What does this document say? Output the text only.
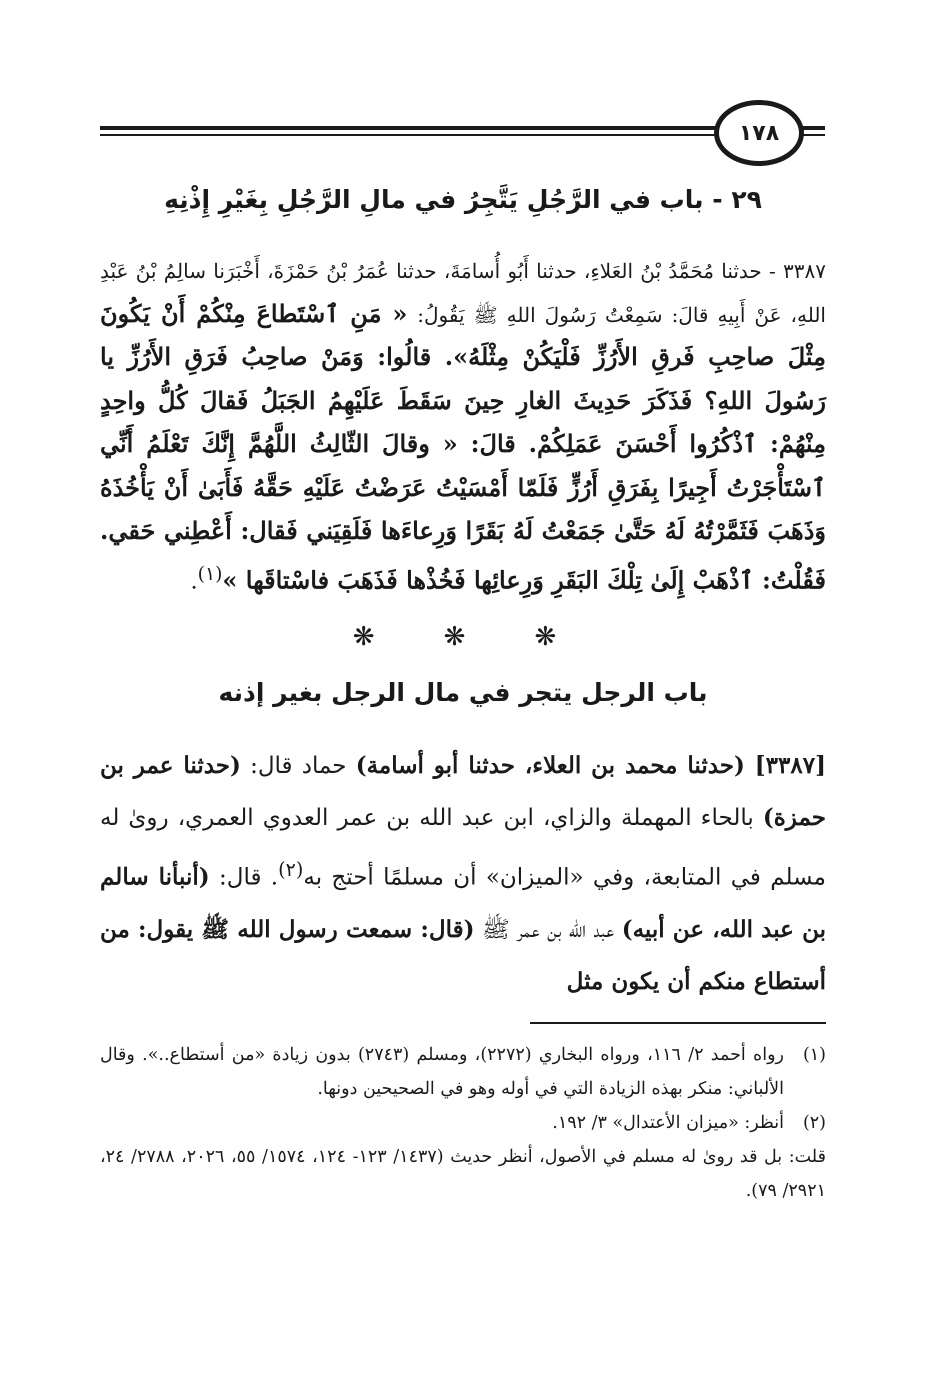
١٧٨
٢٩ - باب في الرَّجُلِ يَتَّجِرُ في مالِ الرَّجُلِ بِغَيْرِ إِذْنِهِ
٣٣٨٧ - حدثنا مُحَمَّدُ بْنُ العَلاءِ، حدثنا أَبُو أُسامَةَ، حدثنا عُمَرُ بْنُ حَمْزَةَ، أَخْبَرَنا سالِمُ بْنُ عَبْدِ اللهِ، عَنْ أَبِيهِ قالَ: سَمِعْتُ رَسُولَ اللهِ ﷺ يَقُولُ: « مَنِ ٱسْتَطاعَ مِنْكُمْ أَنْ يَكُونَ مِثْلَ صاحِبِ فَرقِ الأَرُزِّ فَلْيَكُنْ مِثْلَهُ». قالُوا: وَمَنْ صاحِبُ فَرَقِ الأَرُزِّ يا رَسُولَ اللهِ؟ فَذَكَرَ حَدِيثَ الغارِ حِينَ سَقَطَ عَلَيْهِمُ الجَبَلُ فَقالَ كُلُّ واحِدٍ مِنْهُمْ: ٱذْكُرُوا أَحْسَنَ عَمَلِكُمْ. قالَ: « وقالَ الثّالِثُ اللَّهُمَّ إِنَّكَ تَعْلَمُ أَنِّي ٱسْتَأْجَرْتُ أَجِيرًا بِفَرَقِ أَرُزٍّ فَلَمّا أَمْسَيْتُ عَرَضْتُ عَلَيْهِ حَقَّهُ فَأَبَىٰ أَنْ يَأْخُذَهُ وَذَهَبَ فَثَمَّرْتُهُ لَهُ حَتَّىٰ جَمَعْتُ لَهُ بَقَرًا وَرِعاءَها فَلَقِيَني فَقال: أَعْطِني حَقي. فَقُلْتُ: ٱذْهَبْ إِلَىٰ تِلْكَ البَقَرِ وَرِعائِها فَخُذْها فَذَهَبَ فاسْتاقَها »$^{(١)}$.
❋ ❋ ❋
باب الرجل يتجر في مال الرجل بغير إذنه
[٣٣٨٧] (حدثنا محمد بن العلاء، حدثنا أبو أسامة) حماد قال: (حدثنا عمر بن حمزة) بالحاء المهملة والزاي، ابن عبد الله بن عمر العدوي العمري، روىٰ له مسلم في المتابعة، وفي «الميزان» أن مسلمًا أحتج به$^{(٢)}$. قال: (أنبأنا سالم بن عبد الله، عن أبيه) عبد الله بن عمر ﷺ (قال: سمعت رسول الله ﷺ يقول: من أستطاع منكم أن يكون مثل
(١)
رواه أحمد ٢/ ١١٦، ورواه البخاري (٢٢٧٢)، ومسلم (٢٧٤٣) بدون زيادة «من أستطاع..». وقال الألباني: منكر بهذه الزيادة التي في أوله وهو في الصحيحين دونها.
(٢)
أنظر: «ميزان الأعتدال» ٣/ ١٩٢.
قلت: بل قد روىٰ له مسلم في الأصول، أنظر حديث (١٤٣٧/ ١٢٣- ١٢٤، ١٥٧٤/ ٥٥، ٢٠٢٦، ٢٧٨٨/ ٢٤، ٢٩٢١/ ٧٩).
